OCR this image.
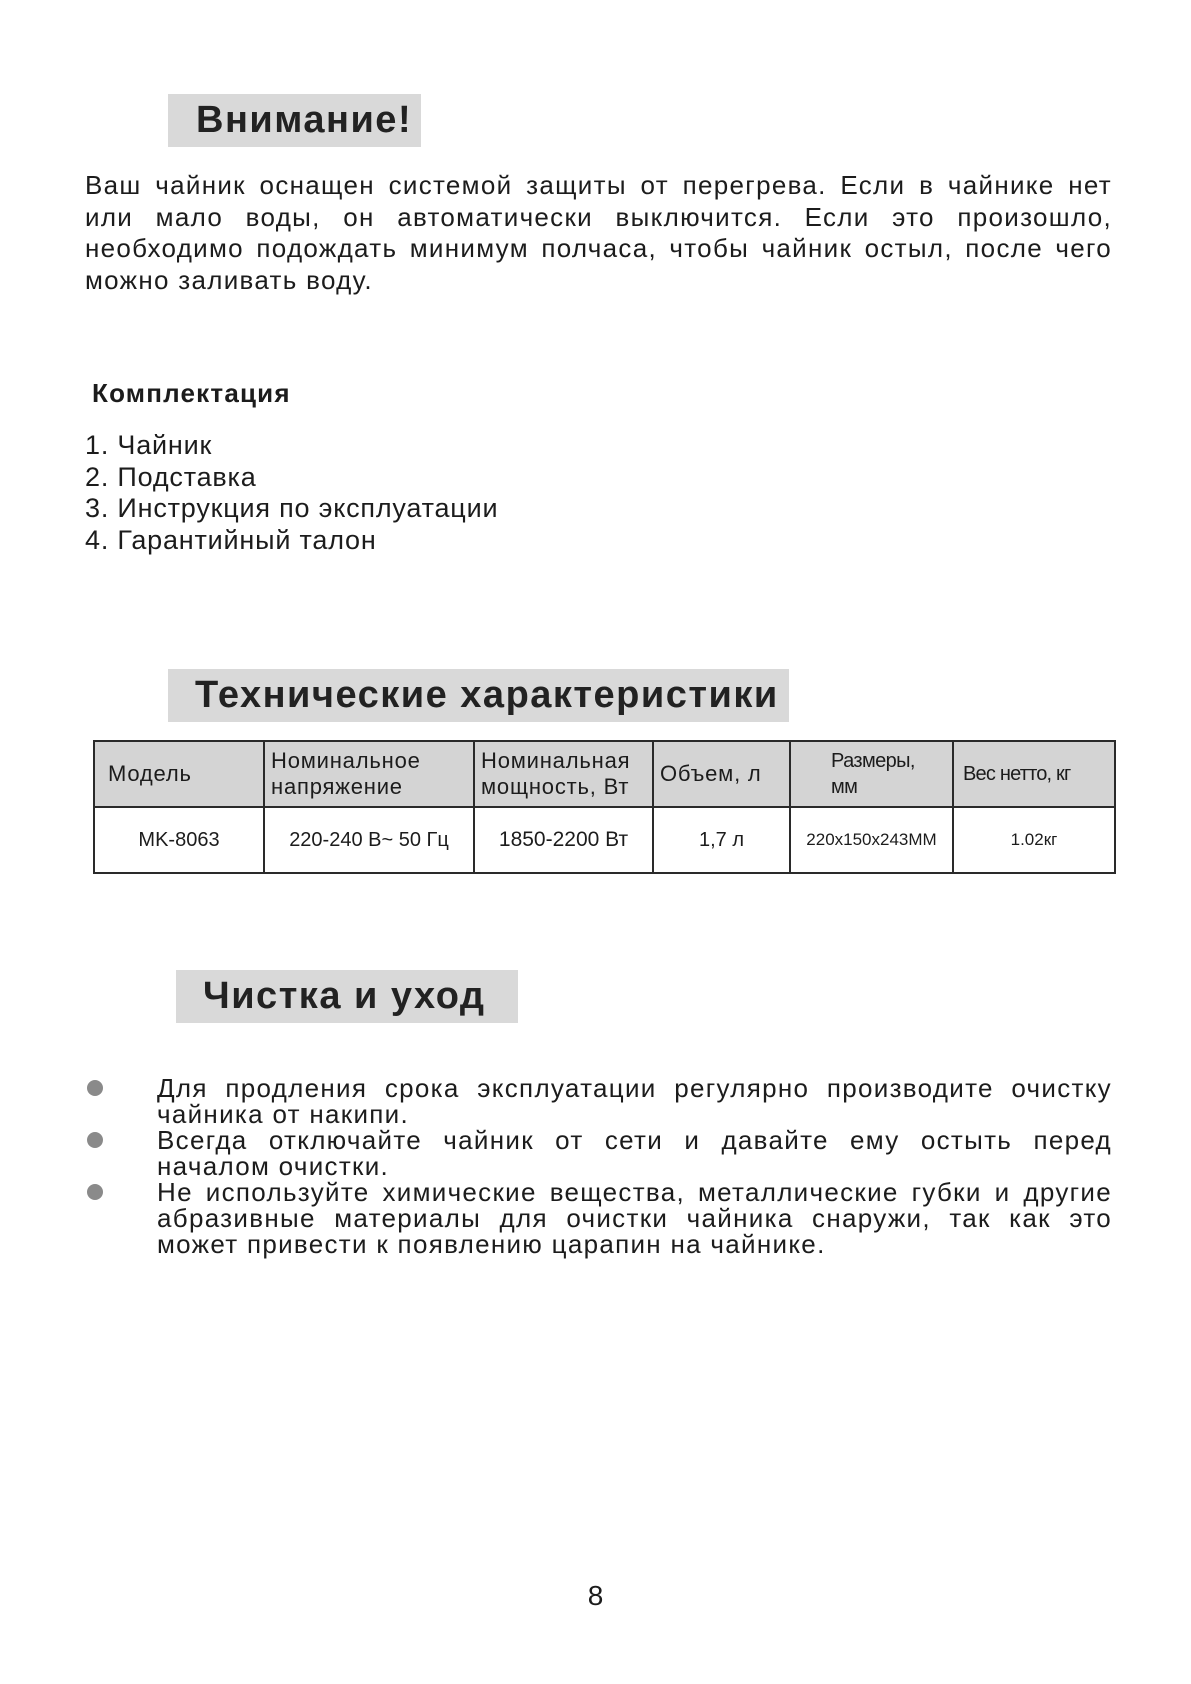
Внимание!

Ваш чайник оснащен системой защиты от перегрева. Если в чайнике нет или мало воды, он автоматически выключится. Если это произошло, необходимо подождать минимум полчаса, чтобы чайник остыл, после чего можно заливать воду.

Комплектация
1. Чайник
2. Подставка
3. Инструкция по эксплуатации
4. Гарантийный талон
Технические характеристики
Модель	Номинальное напряжение	Номинальная мощность, Вт	Объем, л	Размеры, мм	Вес нетто, кг
MK-8063	220-240 В~ 50 Гц	1850-2200 Вт	1,7 л	220x150x243MM	1.02кг
Чистка и уход
Для продления срока эксплуатации регулярно производите очистку чайника от накипи.
Всегда отключайте чайник от сети и давайте ему остыть перед началом очистки.
Не используйте химические вещества, металлические губки и другие абразивные материалы для очистки чайника снаружи, так как это может привести к появлению царапин на чайнике.
8
